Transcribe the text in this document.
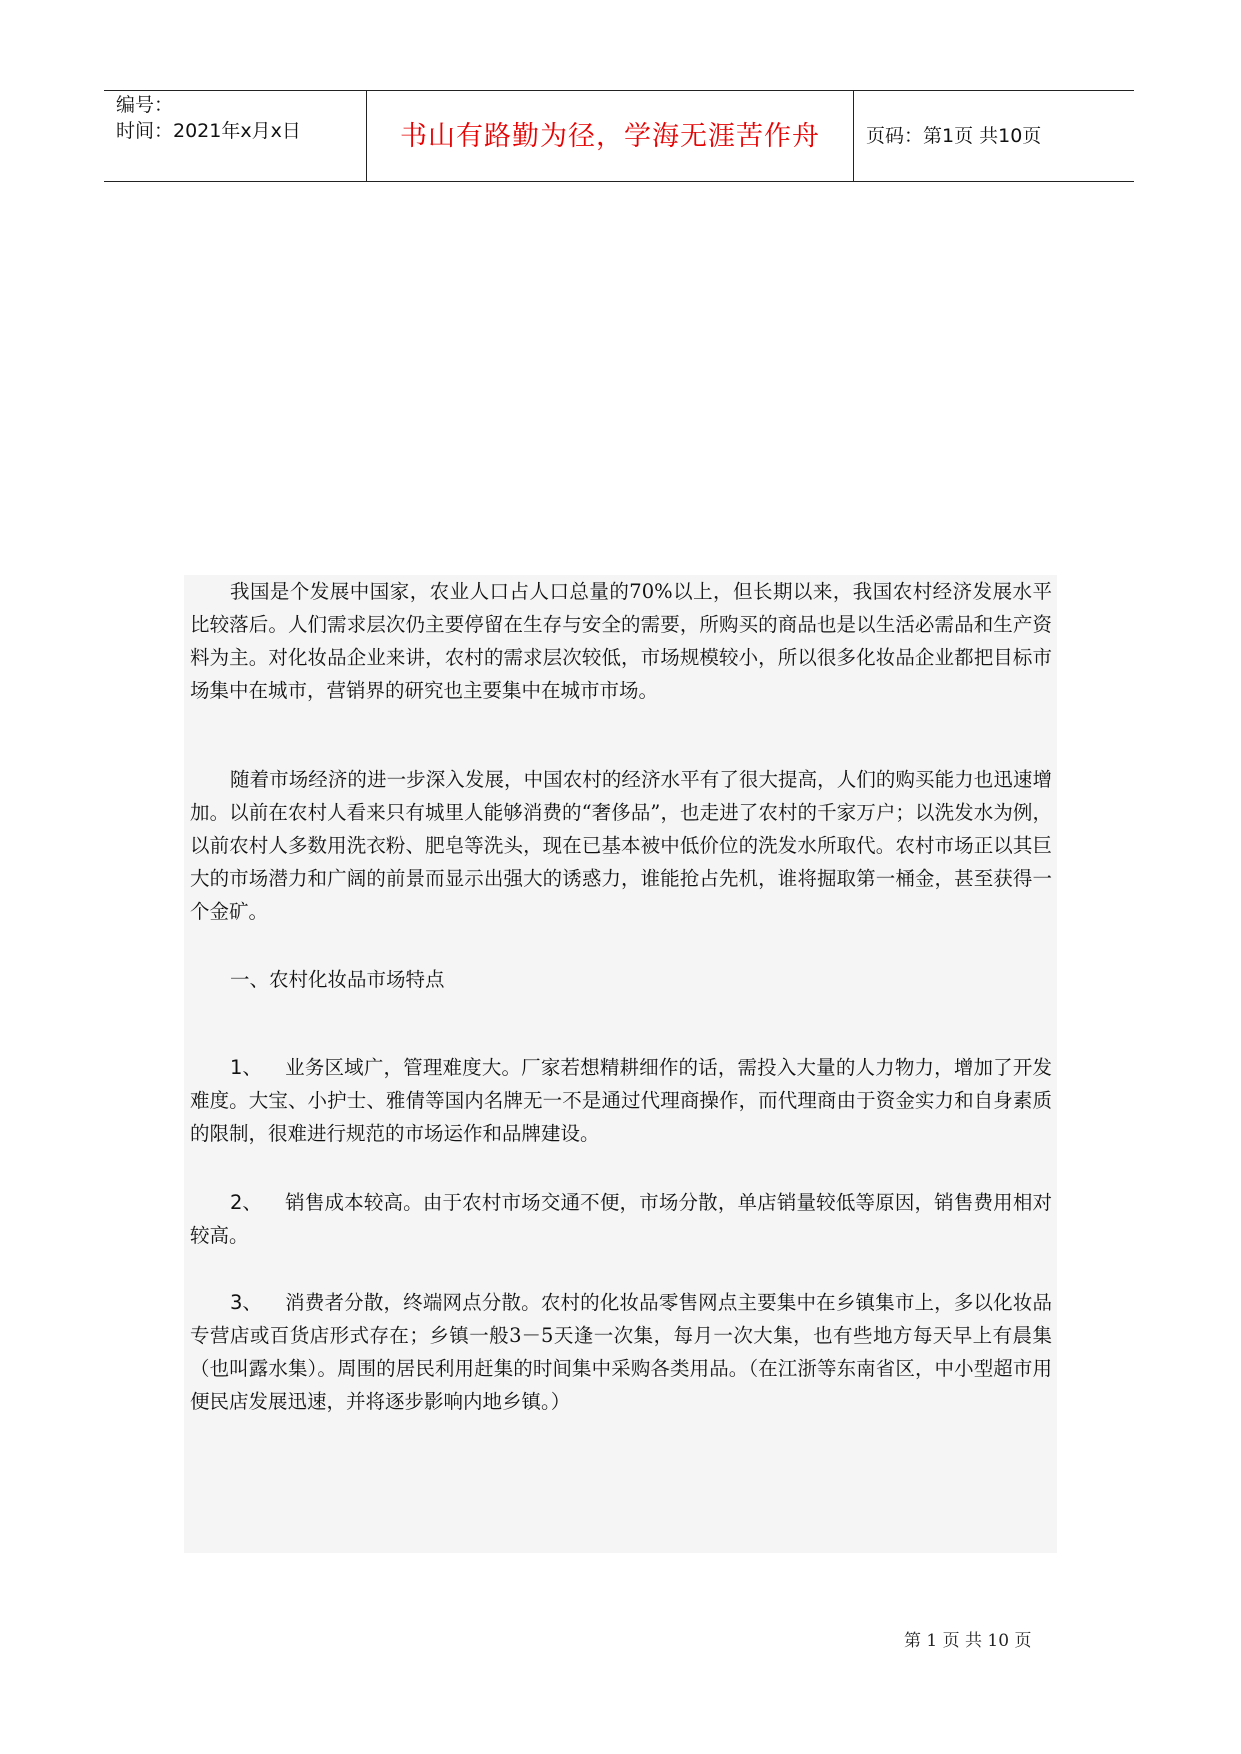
编号：
时间：2021年x月x日	书山有路勤为径，学海无涯苦作舟	页码：第1页 共10页

我国是个发展中国家，农业人口占人口总量的70%以上，但长期以来，我国农村经济发展水平比较落后。人们需求层次仍主要停留在生存与安全的需要，所购买的商品也是以生活必需品和生产资料为主。对化妆品企业来讲，农村的需求层次较低，市场规模较小，所以很多化妆品企业都把目标市场集中在城市，营销界的研究也主要集中在城市市场。

随着市场经济的进一步深入发展，中国农村的经济水平有了很大提高，人们的购买能力也迅速增加。以前在农村人看来只有城里人能够消费的“奢侈品”，也走进了农村的千家万户；以洗发水为例，以前农村人多数用洗衣粉、肥皂等洗头，现在已基本被中低价位的洗发水所取代。农村市场正以其巨大的市场潜力和广阔的前景而显示出强大的诱惑力，谁能抢占先机，谁将掘取第一桶金，甚至获得一个金矿。

一、农村化妆品市场特点

1、 业务区域广，管理难度大。厂家若想精耕细作的话，需投入大量的人力物力，增加了开发难度。大宝、小护士、雅倩等国内名牌无一不是通过代理商操作，而代理商由于资金实力和自身素质的限制，很难进行规范的市场运作和品牌建设。

2、 销售成本较高。由于农村市场交通不便，市场分散，单店销量较低等原因，销售费用相对较高。

3、 消费者分散，终端网点分散。农村的化妆品零售网点主要集中在乡镇集市上，多以化妆品专营店或百货店形式存在；乡镇一般3－5天逢一次集，每月一次大集，也有些地方每天早上有晨集（也叫露水集）。周围的居民利用赶集的时间集中采购各类用品。（在江浙等东南省区，中小型超市用便民店发展迅速，并将逐步影响内地乡镇。）

第 1 页 共 10 页
